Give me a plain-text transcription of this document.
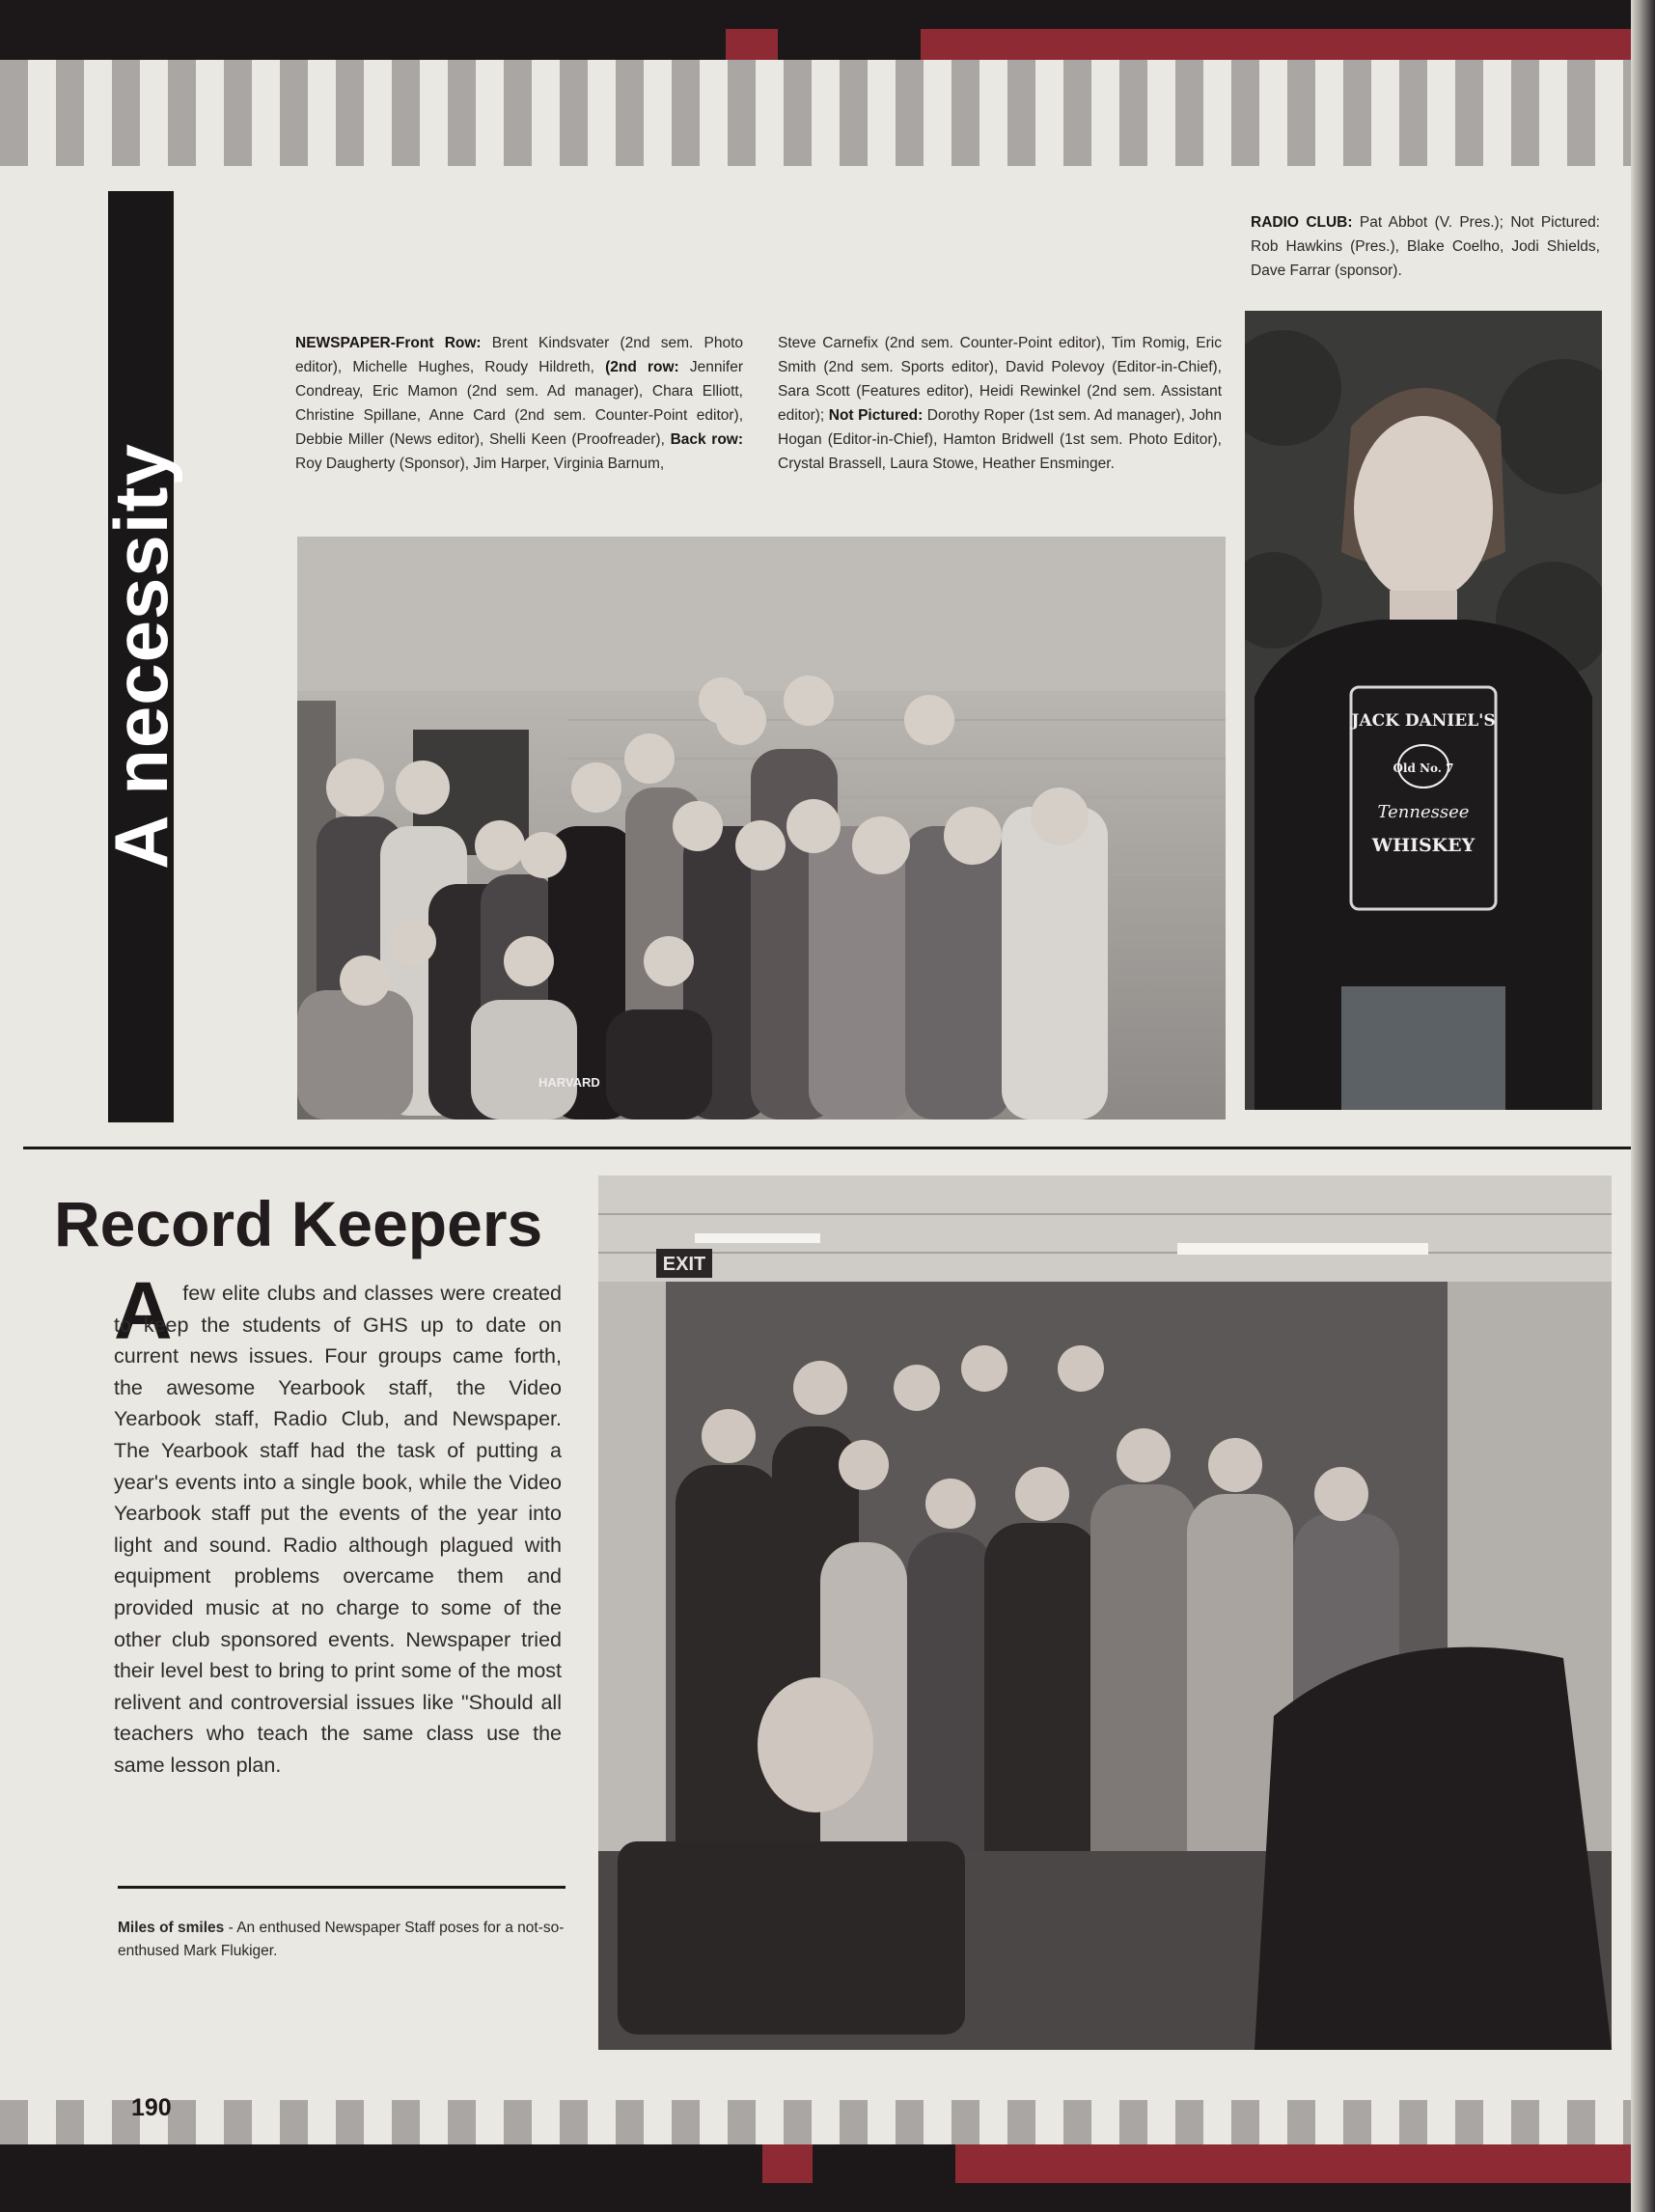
A necessity
NEWSPAPER-Front Row: Brent Kindsvater (2nd sem. Photo editor), Michelle Hughes, Roudy Hildreth, (2nd row: Jennifer Condreay, Eric Mamon (2nd sem. Ad manager), Chara Elliott, Christine Spillane, Anne Card (2nd sem. Counter-Point editor), Debbie Miller (News editor), Shelli Keen (Proofreader), Back row: Roy Daugherty (Sponsor), Jim Harper, Virginia Barnum,
Steve Carnefix (2nd sem. Counter-Point editor), Tim Romig, Eric Smith (2nd sem. Sports editor), David Polevoy (Editor-in-Chief), Sara Scott (Features editor), Heidi Rewinkel (2nd sem. Assistant editor); Not Pictured: Dorothy Roper (1st sem. Ad manager), John Hogan (Editor-in-Chief), Hamton Bridwell (1st sem. Photo Editor), Crystal Brassell, Laura Stowe, Heather Ensminger.
RADIO CLUB: Pat Abbot (V. Pres.); Not Pictured: Rob Hawkins (Pres.), Blake Coelho, Jodi Shields, Dave Farrar (sponsor).
HARVARD
JACK DANIEL'S
Old No. 7
Tennessee
WHISKEY
Record Keepers
A few elite clubs and classes were created to keep the students of GHS up to date on current news issues. Four groups came forth, the awesome Yearbook staff, the Video Yearbook staff, Radio Club, and Newspaper. The Yearbook staff had the task of putting a year's events into a single book, while the Video Yearbook staff put the events of the year into light and sound. Radio although plagued with equipment problems overcame them and provided music at no charge to some of the other club sponsored events. Newspaper tried their level best to bring to print some of the most relivent and controversial issues like "Should all teachers who teach the same class use the same lesson plan.
Miles of smiles - An enthused Newspaper Staff poses for a not-so-enthused Mark Flukiger.
EXIT
190
